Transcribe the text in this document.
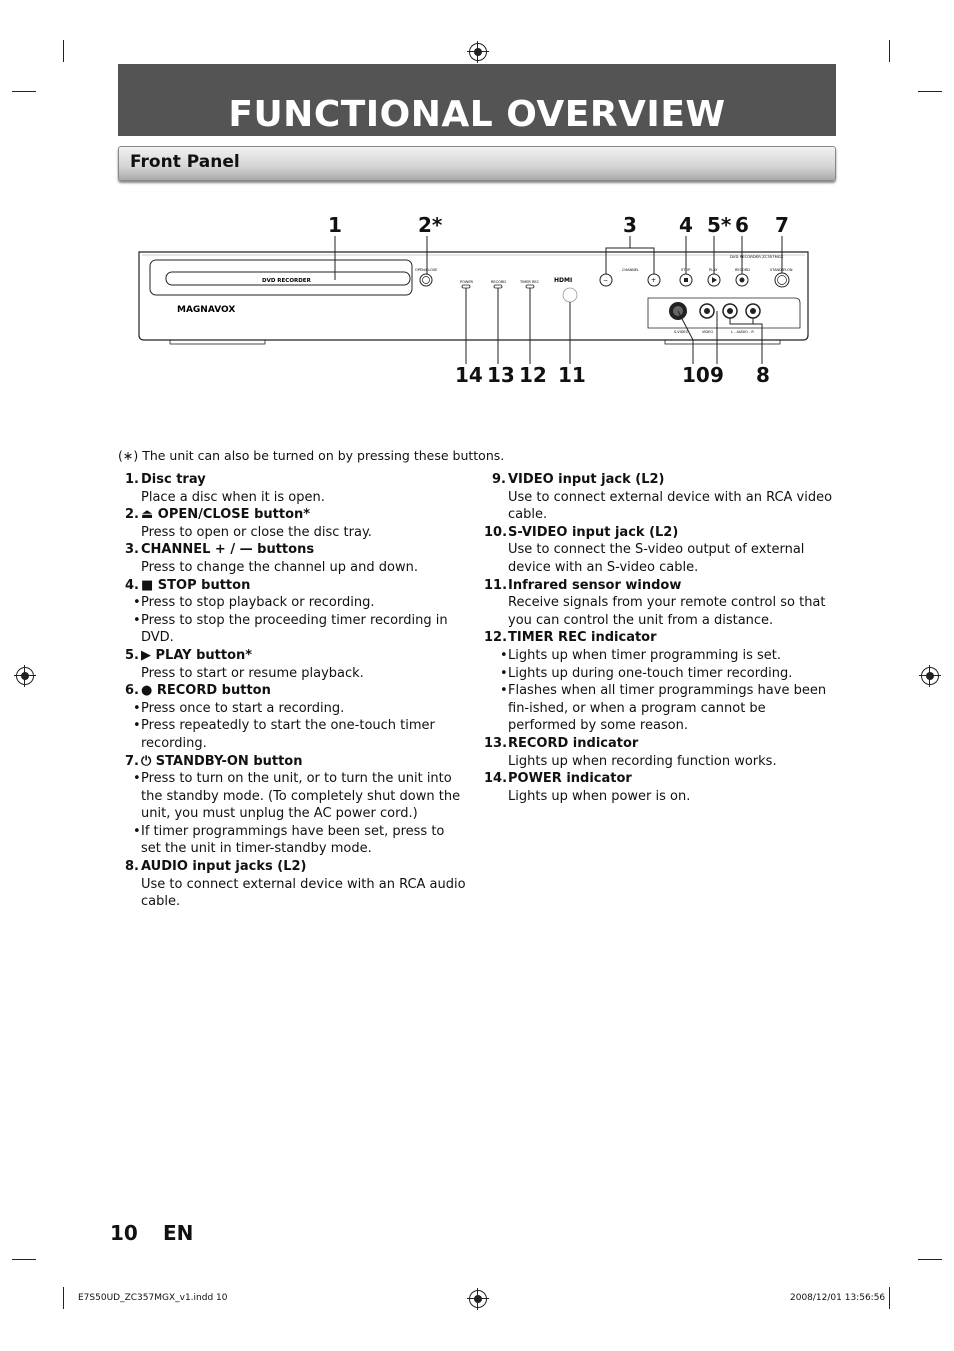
FUNCTIONAL OVERVIEW
Front Panel
DVD RECORDER
MAGNAVOX
OPEN/CLOSE
POWER	RECORD	TIMER REC HDMI
DVD RECORDER ZC357MGX
−
CHANNEL
+
STOP	PLAY	RECORD	STANDBY-ON
S-VIDEO	VIDEO	L - AUDIO - R
1	2*	3 4 5* 6 7
14 13 12 11	10 9 8
(∗) The unit can also be turned on by pressing these buttons.
1. Disc tray
Place a disc when it is open.
2. ⏏ OPEN/CLOSE button*
Press to open or close the disc tray.
3. CHANNEL + / — buttons
Press to change the channel up and down.
4. ■ STOP button
•Press to stop playback or recording.
•Press to stop the proceeding timer recording in DVD.
5. ▶ PLAY button*
Press to start or resume playback.
6. ● RECORD button
•Press once to start a recording.
•Press repeatedly to start the one-touch timer recording.
7. ⏻ STANDBY-ON button
•Press to turn on the unit, or to turn the unit into the standby mode. (To completely shut down the unit, you must unplug the AC power cord.)
•If timer programmings have been set, press to set the unit in timer-standby mode.
8. AUDIO input jacks (L2)
Use to connect external device with an RCA audio cable.
9. VIDEO input jack (L2)
Use to connect external device with an RCA video cable.
10.S-VIDEO input jack (L2)
Use to connect the S-video output of external device with an S-video cable.
11.Infrared sensor window
Receive signals from your remote control so that you can control the unit from a distance.
12.TIMER REC indicator
•Lights up when timer programming is set.
•Lights up during one-touch timer recording.
•Flashes when all timer programmings have been fin-ished, or when a program cannot be performed by some reason.
13.RECORD indicator
Lights up when recording function works.
14.POWER indicator
Lights up when power is on.
10 EN
E7S50UD_ZC357MGX_v1.indd 10	2008/12/01 13:56:56
